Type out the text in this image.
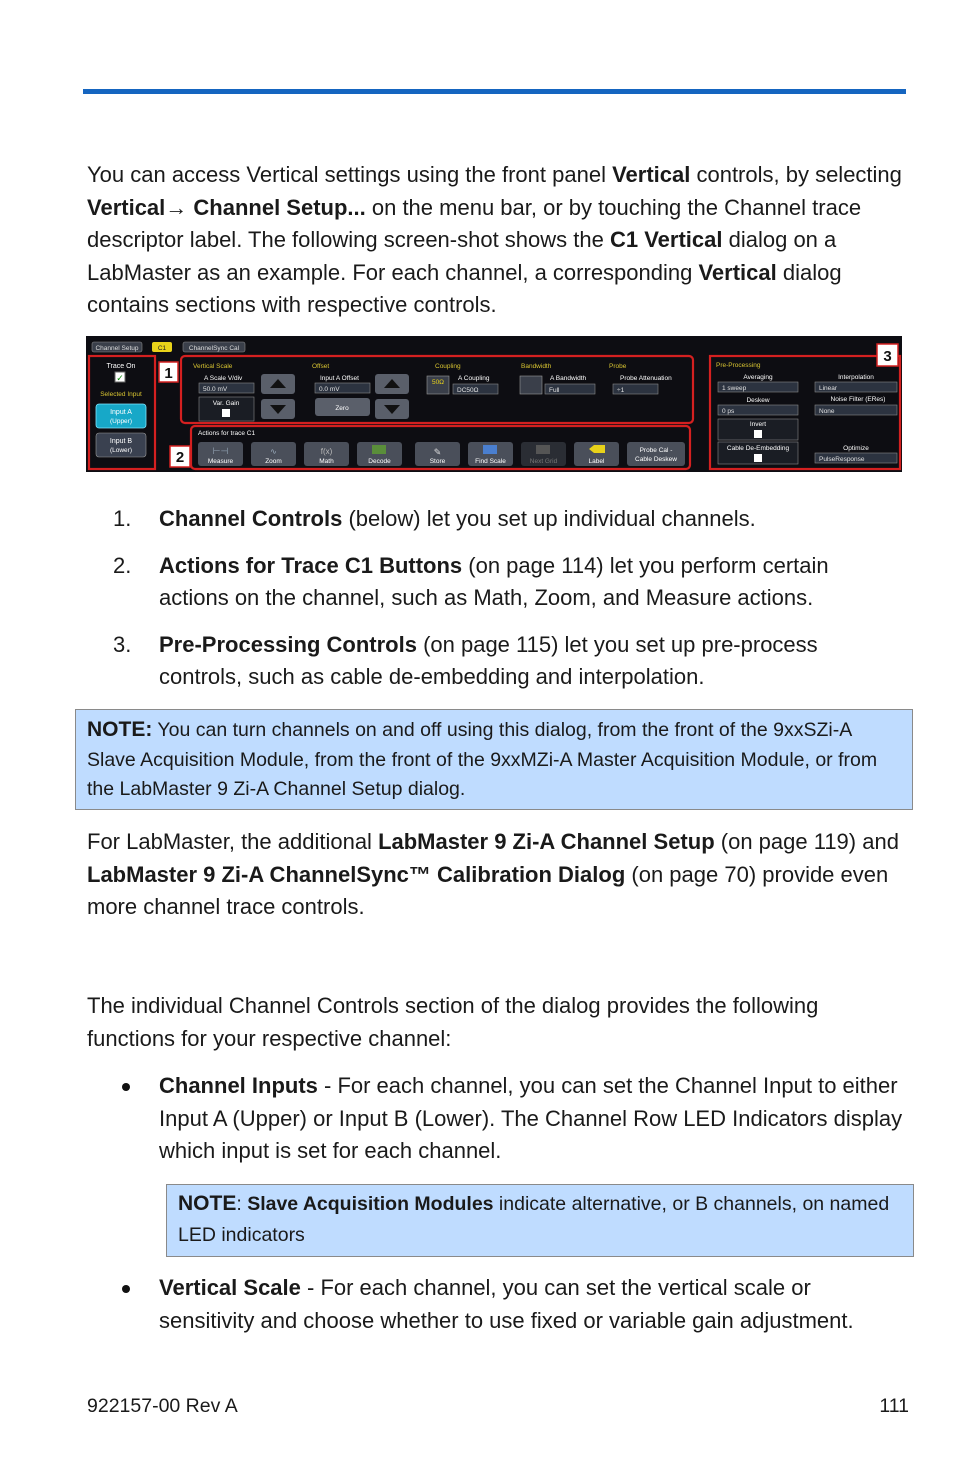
You can access Vertical settings using the front panel Vertical controls, by selecting Vertical→ Channel Setup... on the menu bar, or by touching the Channel trace descriptor label. The following screen-shot shows the C1 Vertical dialog on a LabMaster as an example. For each channel, a corresponding Vertical dialog contains sections with respective controls.

Channel Setup	C1	ChannelSync Cal
Trace On
✓
Selected Input
Input A
(Upper)
Input B
(Lower)
1	Vertical Scale
A Scale V/div
50.0 mV
Var. Gain
Offset
Input A Offset
0.0 mV
Zero
Coupling
50Ω
A Coupling
DC50Ω
Bandwidth
A Bandwidth
Full
Probe
Probe Attenuation
÷1
2
Actions for trace C1
Measure	Zoom	Math	Decode	Store	Find Scale	Next Grid	Label
Probe Cal -
Cable Deskew
⊢⊣	∿	f(x)	✎
3
Pre-Processing
Averaging
1 sweep
Deskew
0 ps
Invert
Cable De-Embedding
Interpolation
Linear
Noise Filter (ERes)
None
Optimize
PulseResponse
1. Channel Controls (below) let you set up individual channels.
2. Actions for Trace C1 Buttons (on page 114) let you perform certain actions on the channel, such as Math, Zoom, and Measure actions.
3. Pre-Processing Controls (on page 115) let you set up pre-process controls, such as cable de-embedding and interpolation.
NOTE: You can turn channels on and off using this dialog, from the front of the 9xxSZi-A Slave Acquisition Module, from the front of the 9xxMZi-A Master Acquisition Module, or from the LabMaster 9 Zi-A Channel Setup dialog.

For LabMaster, the additional LabMaster 9 Zi-A Channel Setup (on page 119) and LabMaster 9 Zi-A ChannelSync™ Calibration Dialog (on page 70) provide even more channel trace controls.

The individual Channel Controls section of the dialog provides the following functions for your respective channel:

Channel Inputs - For each channel, you can set the Channel Input to either Input A (Upper) or Input B (Lower). The Channel Row LED Indicators display which input is set for each channel.
NOTE: Slave Acquisition Modules indicate alternative, or B channels, on named LED indicators
Vertical Scale - For each channel, you can set the vertical scale or sensitivity and choose whether to use fixed or variable gain adjustment.
922157-00 Rev A	111
